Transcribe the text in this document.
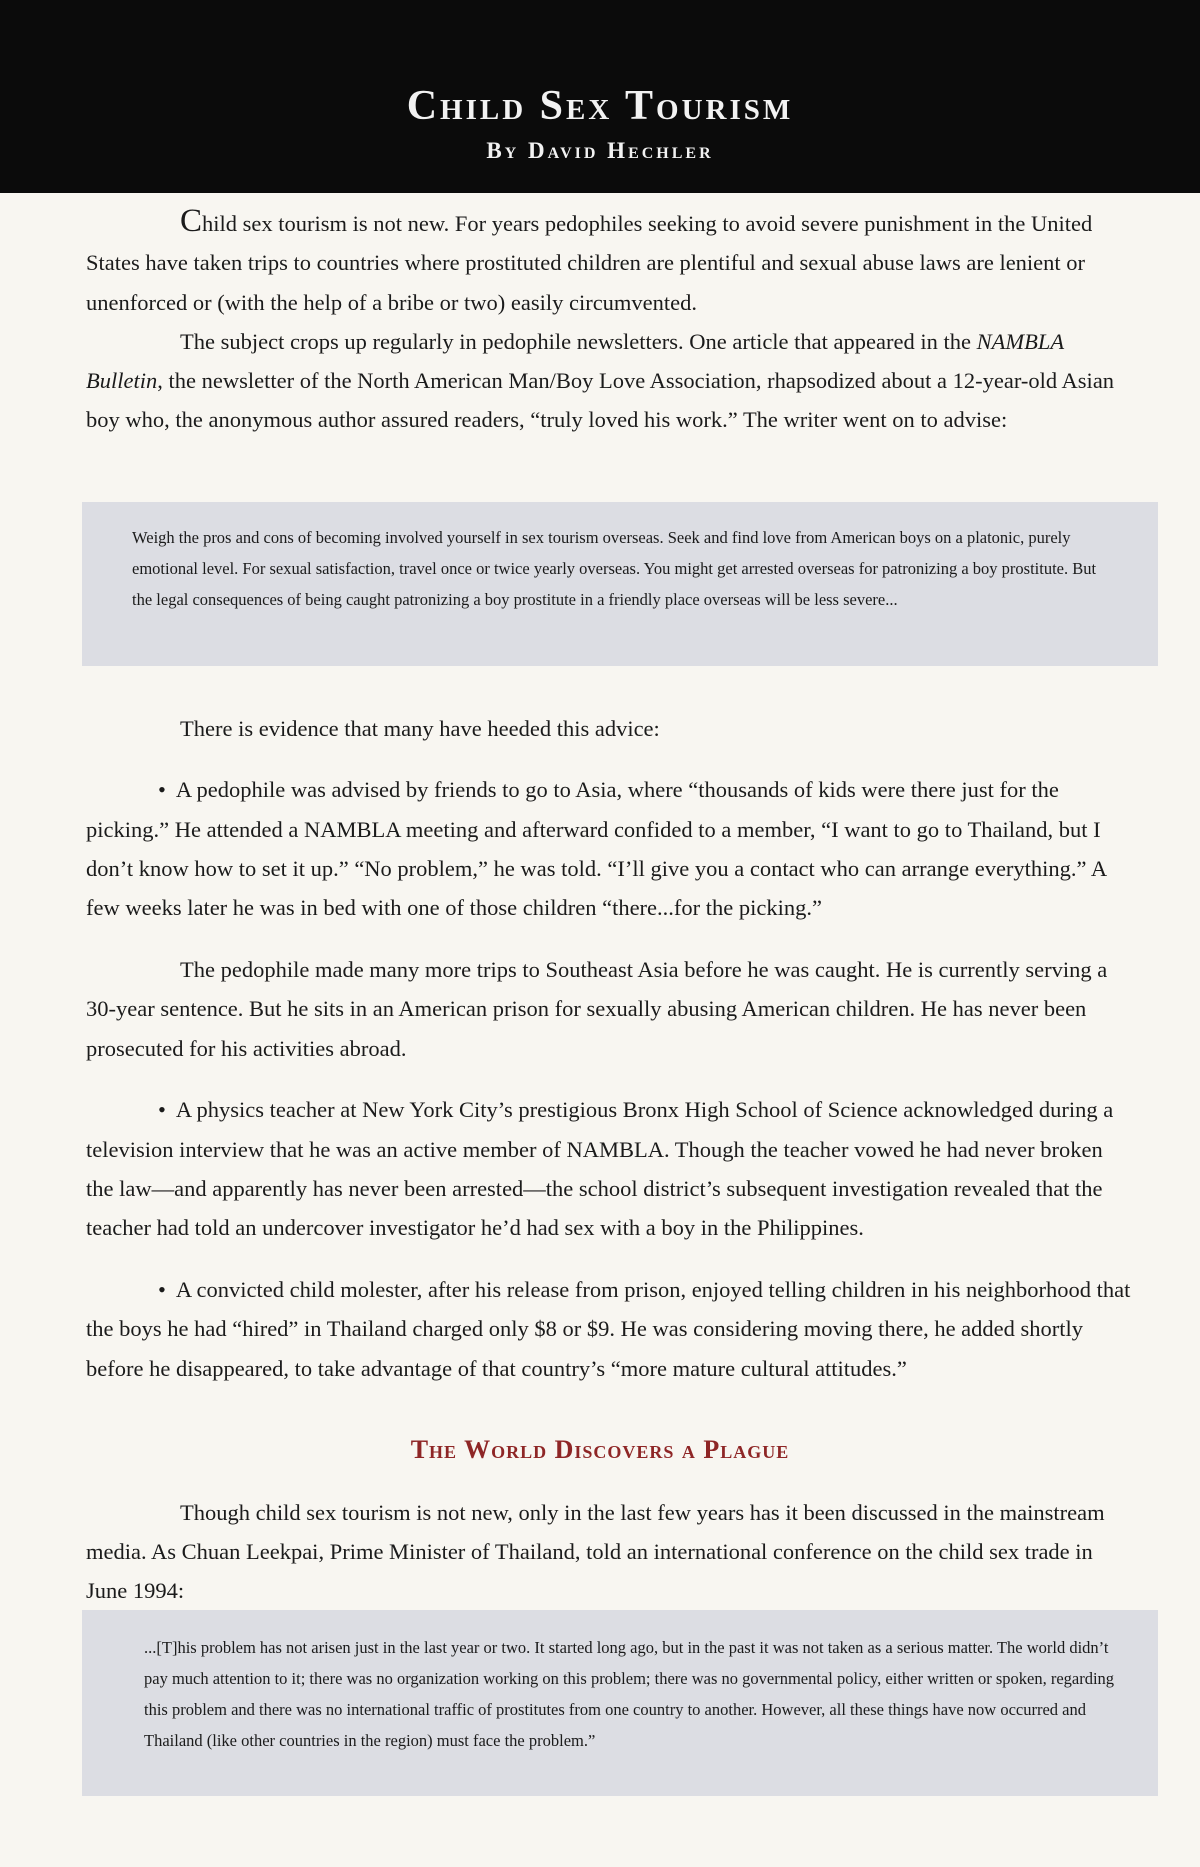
Child Sex Tourism
By David Hechler

Child sex tourism is not new. For years pedophiles seeking to avoid severe punishment in the United States have taken trips to countries where prostituted children are plentiful and sexual abuse laws are lenient or unenforced or (with the help of a bribe or two) easily circumvented.

The subject crops up regularly in pedophile newsletters. One article that appeared in the NAMBLA Bulletin, the newsletter of the North American Man/Boy Love Association, rhapsodized about a 12-year-old Asian boy who, the anonymous author assured readers, “truly loved his work.” The writer went on to advise:

Weigh the pros and cons of becoming involved yourself in sex tourism overseas. Seek and find love from American boys on a platonic, purely emotional level. For sexual satisfaction, travel once or twice yearly overseas. You might get arrested overseas for patronizing a boy prostitute. But the legal consequences of being caught patronizing a boy prostitute in a friendly place overseas will be less severe...

There is evidence that many have heeded this advice:

• A pedophile was advised by friends to go to Asia, where “thousands of kids were there just for the picking.” He attended a NAMBLA meeting and afterward confided to a member, “I want to go to Thailand, but I don’t know how to set it up.” “No problem,” he was told. “I’ll give you a contact who can arrange everything.” A few weeks later he was in bed with one of those children “there...for the picking.”

The pedophile made many more trips to Southeast Asia before he was caught. He is currently serving a 30-year sentence. But he sits in an American prison for sexually abusing American children. He has never been prosecuted for his activities abroad.

• A physics teacher at New York City’s prestigious Bronx High School of Science acknowledged during a television interview that he was an active member of NAMBLA. Though the teacher vowed he had never broken the law—and apparently has never been arrested—the school district’s subsequent investigation revealed that the teacher had told an undercover investigator he’d had sex with a boy in the Philippines.

• A convicted child molester, after his release from prison, enjoyed telling children in his neighborhood that the boys he had “hired” in Thailand charged only $8 or $9. He was considering moving there, he added shortly before he disappeared, to take advantage of that country’s “more mature cultural attitudes.”

The World Discovers a Plague

Though child sex tourism is not new, only in the last few years has it been discussed in the mainstream media. As Chuan Leekpai, Prime Minister of Thailand, told an international conference on the child sex trade in June 1994:

...[T]his problem has not arisen just in the last year or two. It started long ago, but in the past it was not taken as a serious matter. The world didn’t pay much attention to it; there was no organization working on this problem; there was no governmental policy, either written or spoken, regarding this problem and there was no international traffic of prostitutes from one country to another. However, all these things have now occurred and Thailand (like other countries in the region) must face the problem.”
